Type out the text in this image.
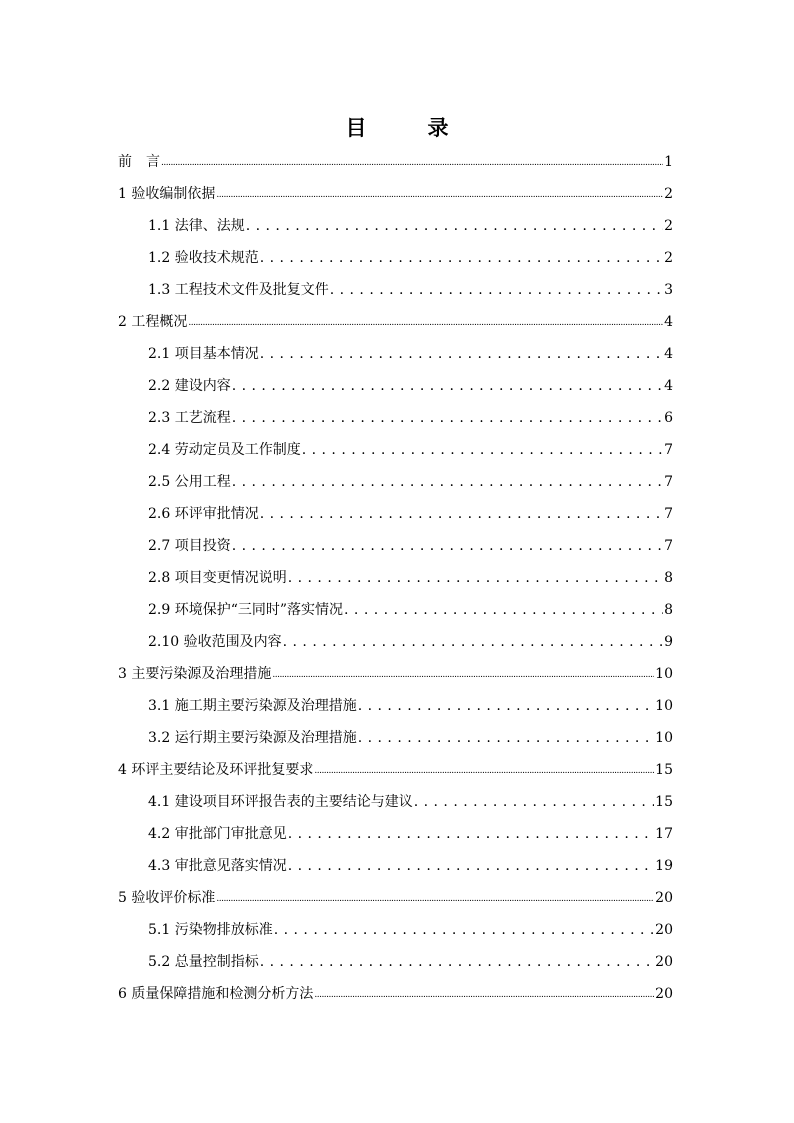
目　录
前　言 .....	1
1 验收编制依据 .....	2
1.1 法律、法规 . . .	2
1.2 验收技术规范 . . .	2
1.3 工程技术文件及批复文件 . . .	3
2 工程概况 .....	4
2.1 项目基本情况 . . .	4
2.2 建设内容 . . .	4
2.3 工艺流程 . . .	6
2.4 劳动定员及工作制度 . . .	7
2.5 公用工程 . . .	7
2.6 环评审批情况 . . .	7
2.7 项目投资 . . .	7
2.8 项目变更情况说明 . . .	8
2.9 环境保护“三同时”落实情况 . . .	8
2.10 验收范围及内容 . . .	9
3 主要污染源及治理措施 .....	10
3.1 施工期主要污染源及治理措施 . . .	10
3.2 运行期主要污染源及治理措施 . . .	10
4 环评主要结论及环评批复要求 .....	15
4.1 建设项目环评报告表的主要结论与建议 . . .	15
4.2 审批部门审批意见 . . .	17
4.3 审批意见落实情况 . . .	19
5 验收评价标准 .....	20
5.1 污染物排放标准 . . .	20
5.2 总量控制指标 . . .	20
6 质量保障措施和检测分析方法 .....	20
